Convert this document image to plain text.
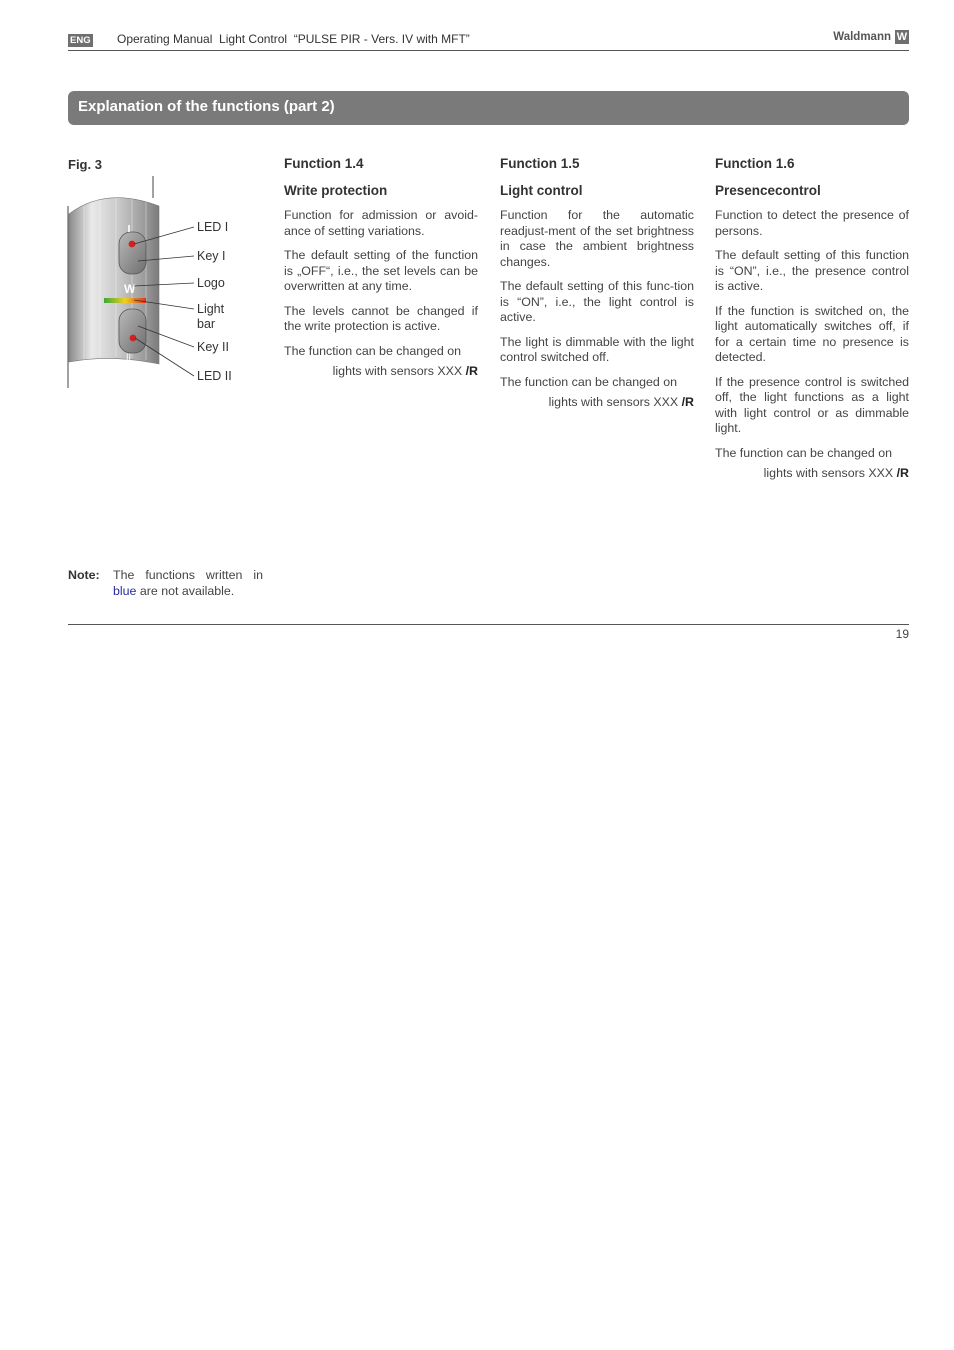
ENG Operating Manual  Light Control  “PULSE PIR - Vers. IV with MFT”	Waldmann W
Explanation of the functions (part 2)
Fig. 3
W
II
LED I
Key I
Logo
Light
bar
Key II
LED II

Function 1.4

Write protection

Function for admission or avoid-ance of setting variations.

The default setting of the function is „OFF“, i.e., the set levels can be overwritten at any time.

The levels cannot be changed if the write protection is active.

The function can be changed on

lights with sensors XXX /R

Function 1.5

Light control

Function for the automatic readjust-ment of the set brightness in case the ambient brightness changes.

The default setting of this func-tion is “ON”, i.e., the light control is active.

The light is dimmable with the light control switched off.

The function can be changed on

lights with sensors XXX /R

Function 1.6

Presencecontrol

Function to detect the presence of persons.

The default setting of this function is “ON”, i.e., the presence control is active.

If the function is switched on, the light automatically switches off, if for a certain time no presence is detected.

If the presence control is switched off, the light functions as a light with light control or as dimmable light.

The function can be changed on

lights with sensors XXX /R

Note: The functions written in
blue are not available.
19
